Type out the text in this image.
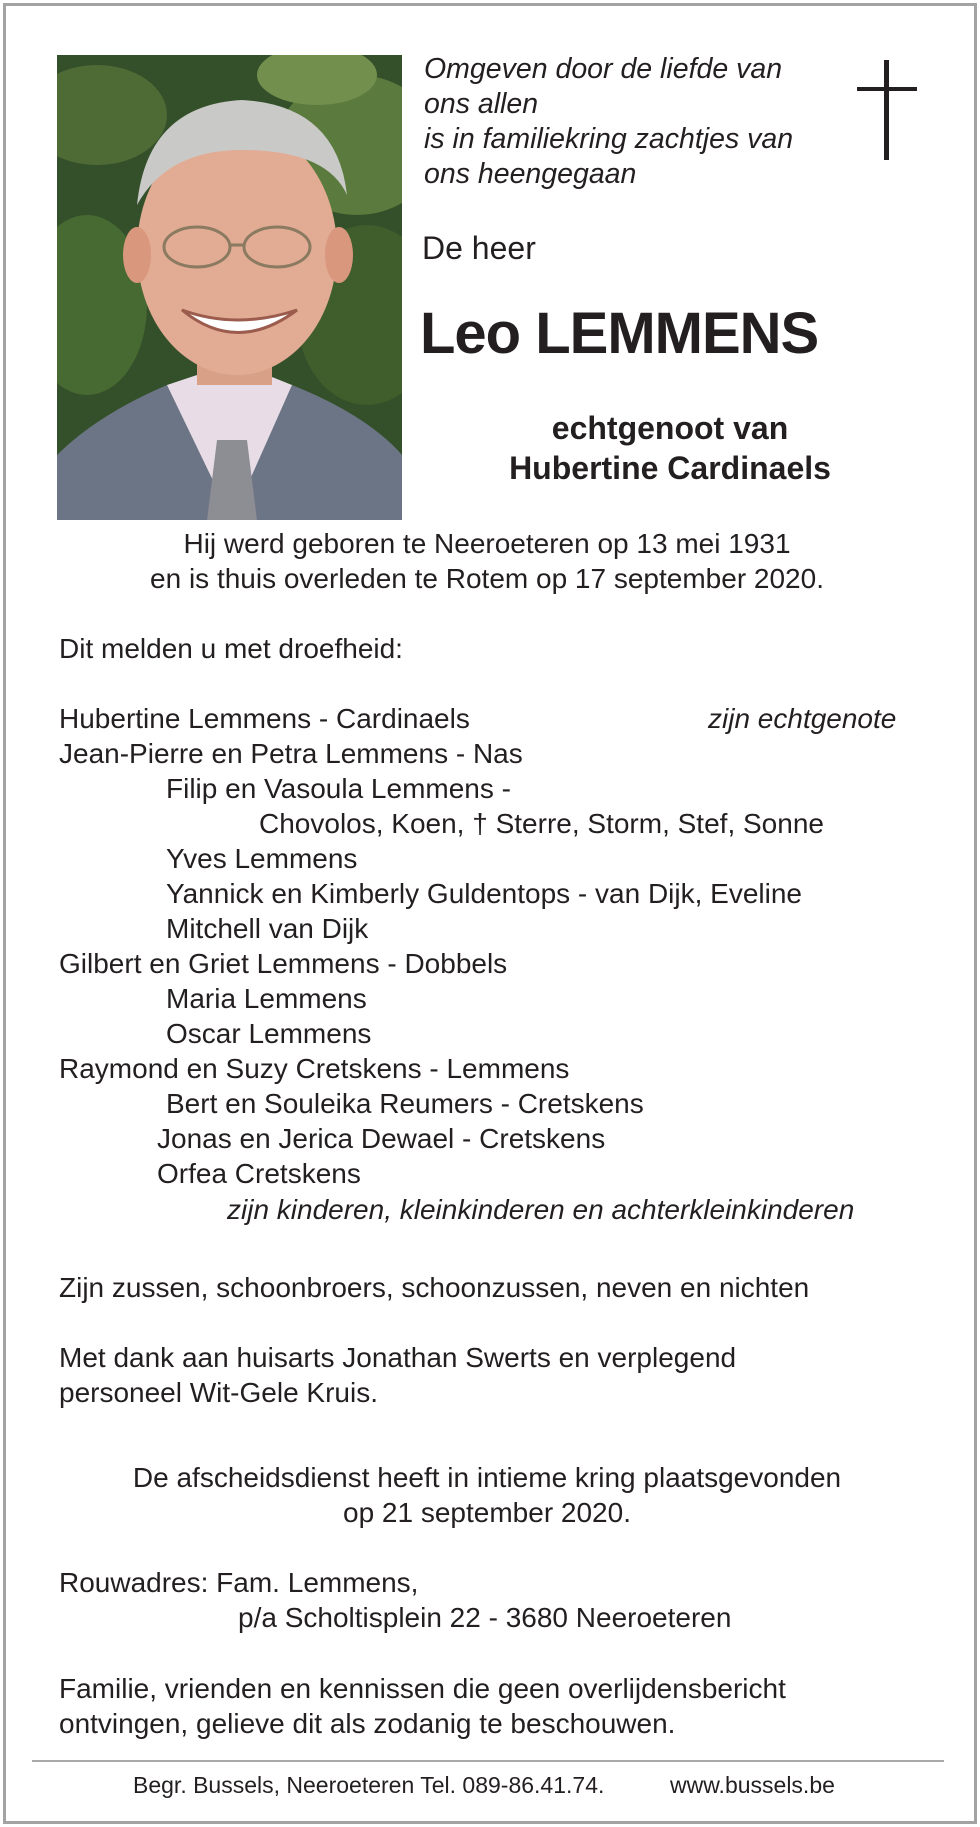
Omgeven door de liefde van
ons allen
is in familiekring zachtjes van
ons heengegaan
De heer
Leo LEMMENS
echtgenoot van
Hubertine Cardinaels
Hij werd geboren te Neeroeteren op 13 mei 1931
en is thuis overleden te Rotem op 17 september 2020.
Dit melden u met droefheid:
Hubertine Lemmens - Cardinaels	zijn echtgenote
Jean-Pierre en Petra Lemmens - Nas
Filip en Vasoula Lemmens -
Chovolos, Koen, † Sterre, Storm, Stef, Sonne
Yves Lemmens
Yannick en Kimberly Guldentops - van Dijk, Eveline
Mitchell van Dijk
Gilbert en Griet Lemmens - Dobbels
Maria Lemmens
Oscar Lemmens
Raymond en Suzy Cretskens - Lemmens
Bert en Souleika Reumers - Cretskens
Jonas en Jerica Dewael - Cretskens
Orfea Cretskens
zijn kinderen, kleinkinderen en achterkleinkinderen
Zijn zussen, schoonbroers, schoonzussen, neven en nichten
Met dank aan huisarts Jonathan Swerts en verplegend
personeel Wit-Gele Kruis.
De afscheidsdienst heeft in intieme kring plaatsgevonden
op 21 september 2020.
Rouwadres: Fam. Lemmens,
p/a Scholtisplein 22 - 3680 Neeroeteren
Familie, vrienden en kennissen die geen overlijdensbericht
ontvingen, gelieve dit als zodanig te beschouwen.
Begr. Bussels, Neeroeteren Tel. 089-86.41.74.	www.bussels.be
